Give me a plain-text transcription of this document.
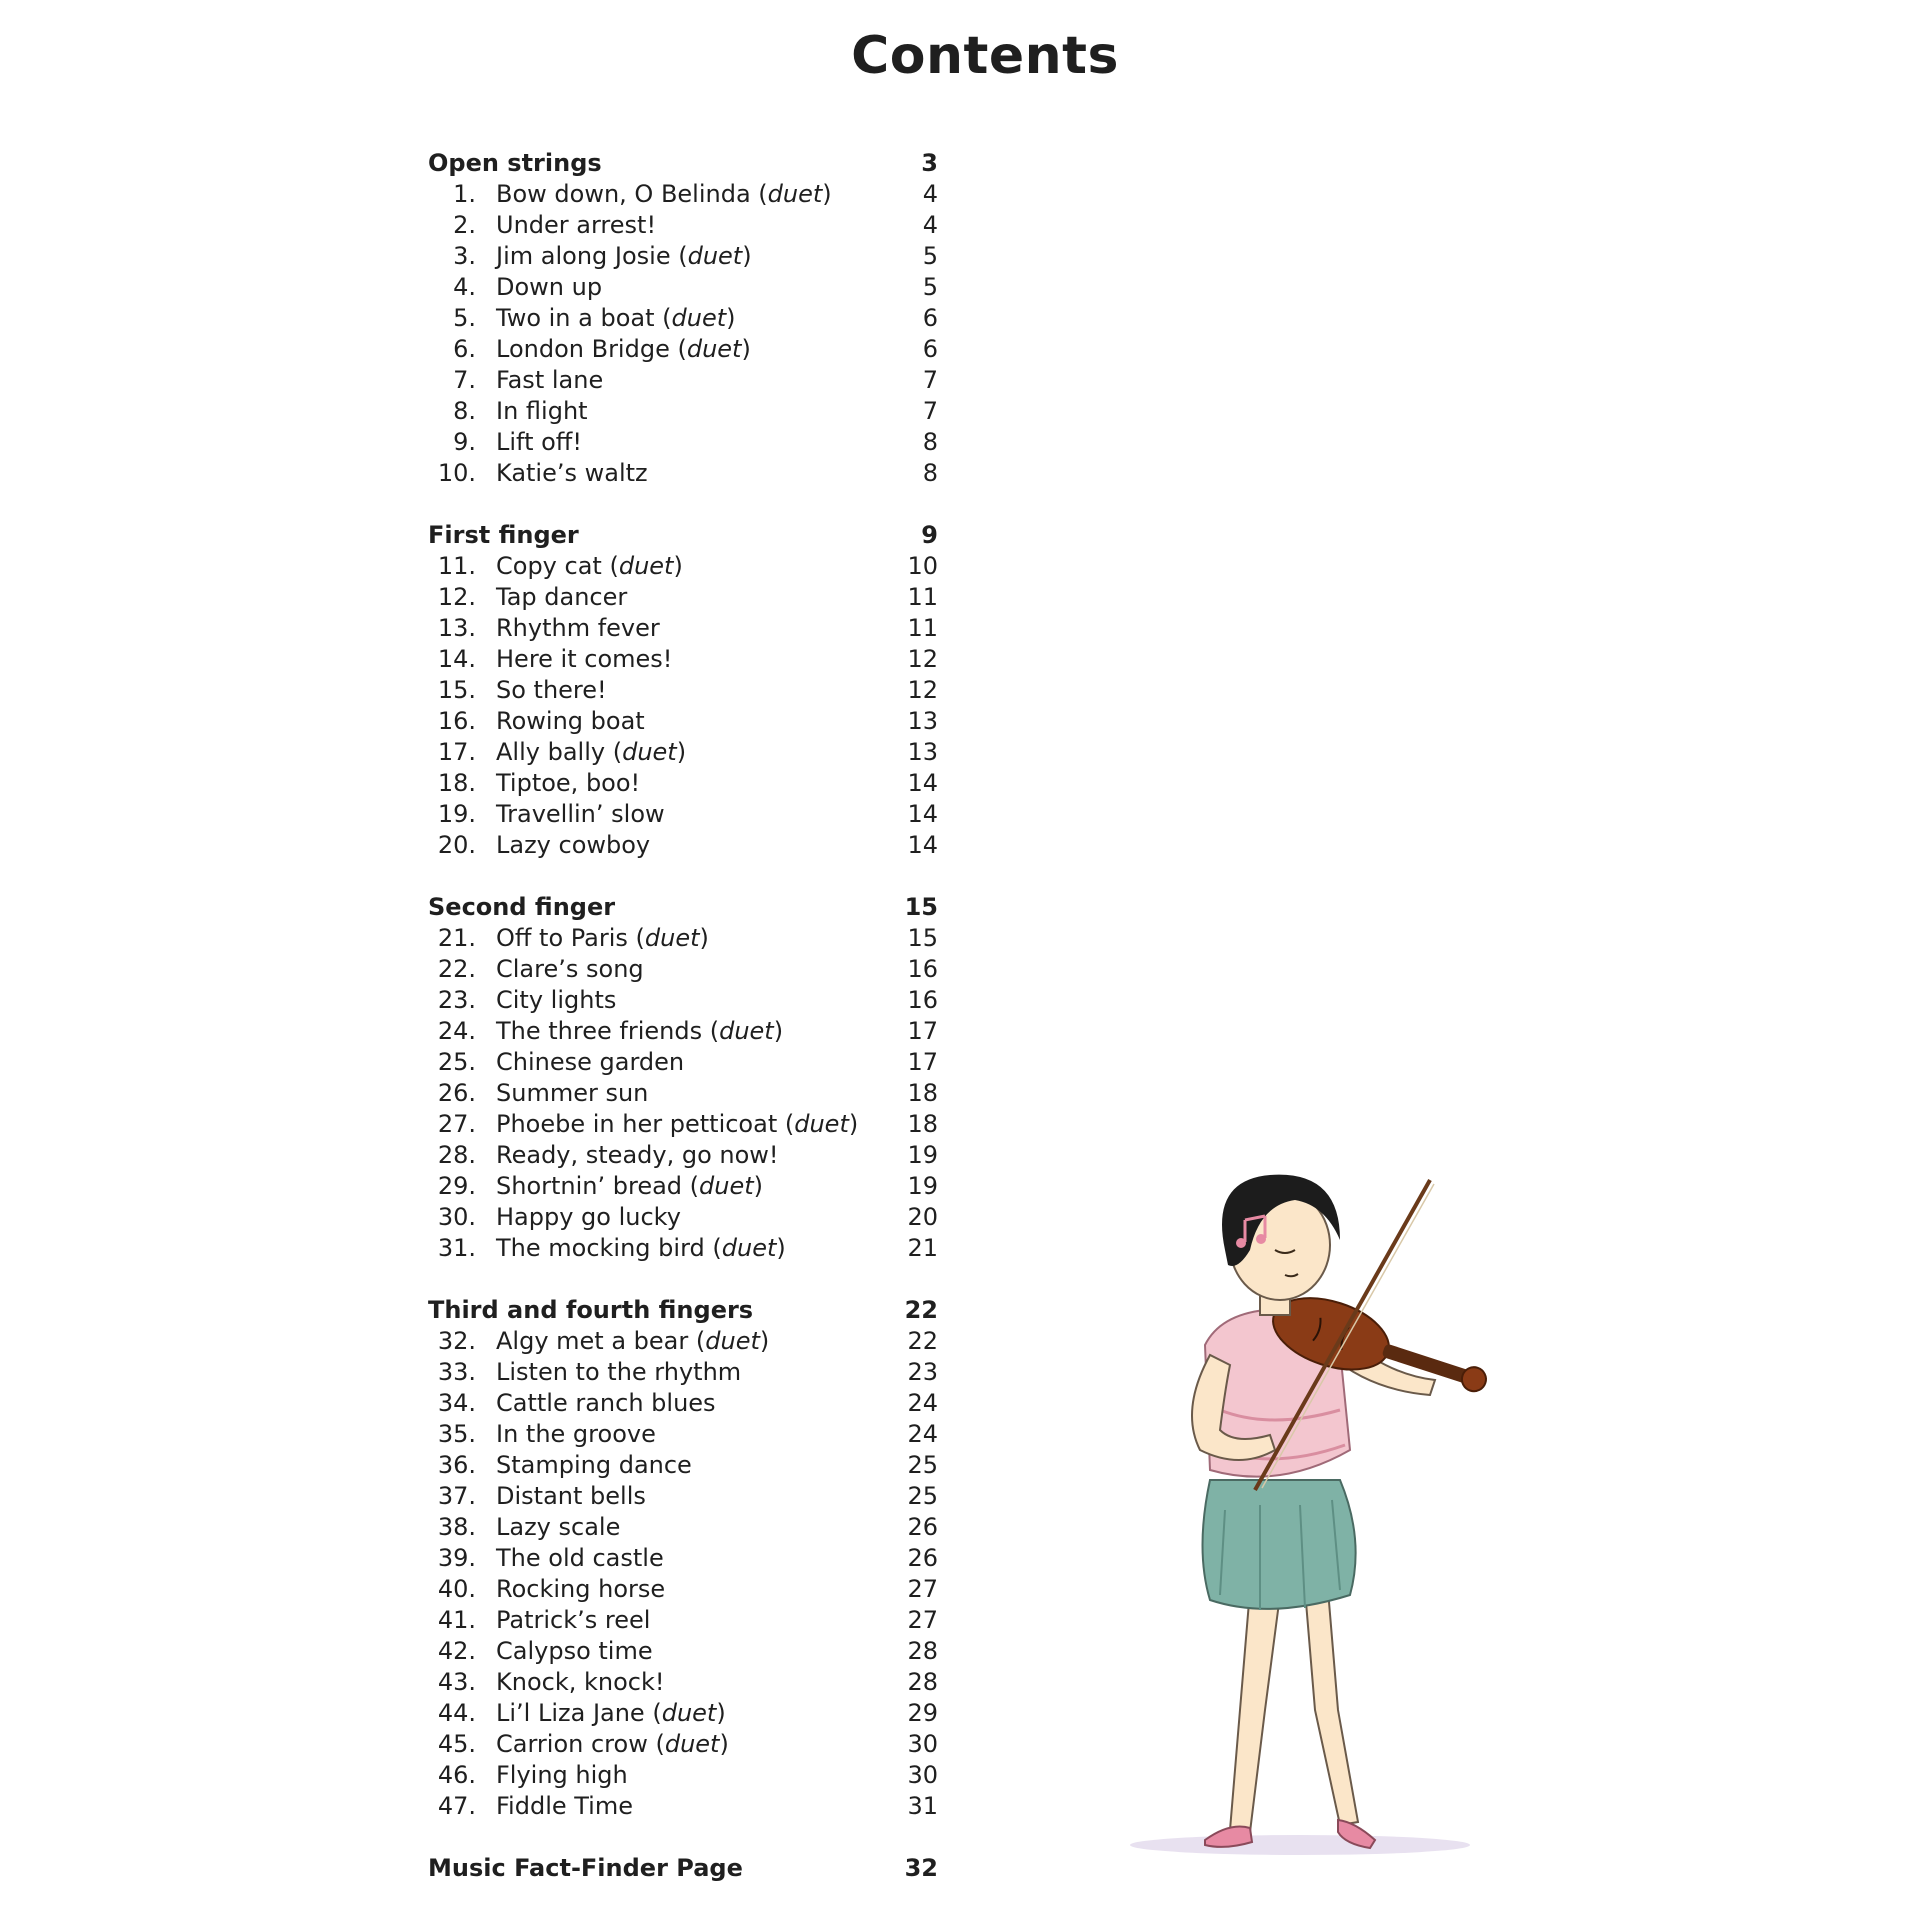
Contents
Open strings	3
1. Bow down, O Belinda (duet)	4
2. Under arrest!	4
3. Jim along Josie (duet)	5
4. Down up	5
5. Two in a boat (duet)	6
6. London Bridge (duet)	6
7. Fast lane	7
8. In flight	7
9. Lift off!	8
10. Katie’s waltz	8
First finger	9
11. Copy cat (duet)	10
12. Tap dancer	11
13. Rhythm fever	11
14. Here it comes!	12
15. So there!	12
16. Rowing boat	13
17. Ally bally (duet)	13
18. Tiptoe, boo!	14
19. Travellin’ slow	14
20. Lazy cowboy	14
Second finger	15
21. Off to Paris (duet)	15
22. Clare’s song	16
23. City lights	16
24. The three friends (duet)	17
25. Chinese garden	17
26. Summer sun	18
27. Phoebe in her petticoat (duet)	18
28. Ready, steady, go now!	19
29. Shortnin’ bread (duet)	19
30. Happy go lucky	20
31. The mocking bird (duet)	21
Third and fourth fingers	22
32. Algy met a bear (duet)	22
33. Listen to the rhythm	23
34. Cattle ranch blues	24
35. In the groove	24
36. Stamping dance	25
37. Distant bells	25
38. Lazy scale	26
39. The old castle	26
40. Rocking horse	27
41. Patrick’s reel	27
42. Calypso time	28
43. Knock, knock!	28
44. Li’l Liza Jane (duet)	29
45. Carrion crow (duet)	30
46. Flying high	30
47. Fiddle Time	31
Music Fact-Finder Page	32
